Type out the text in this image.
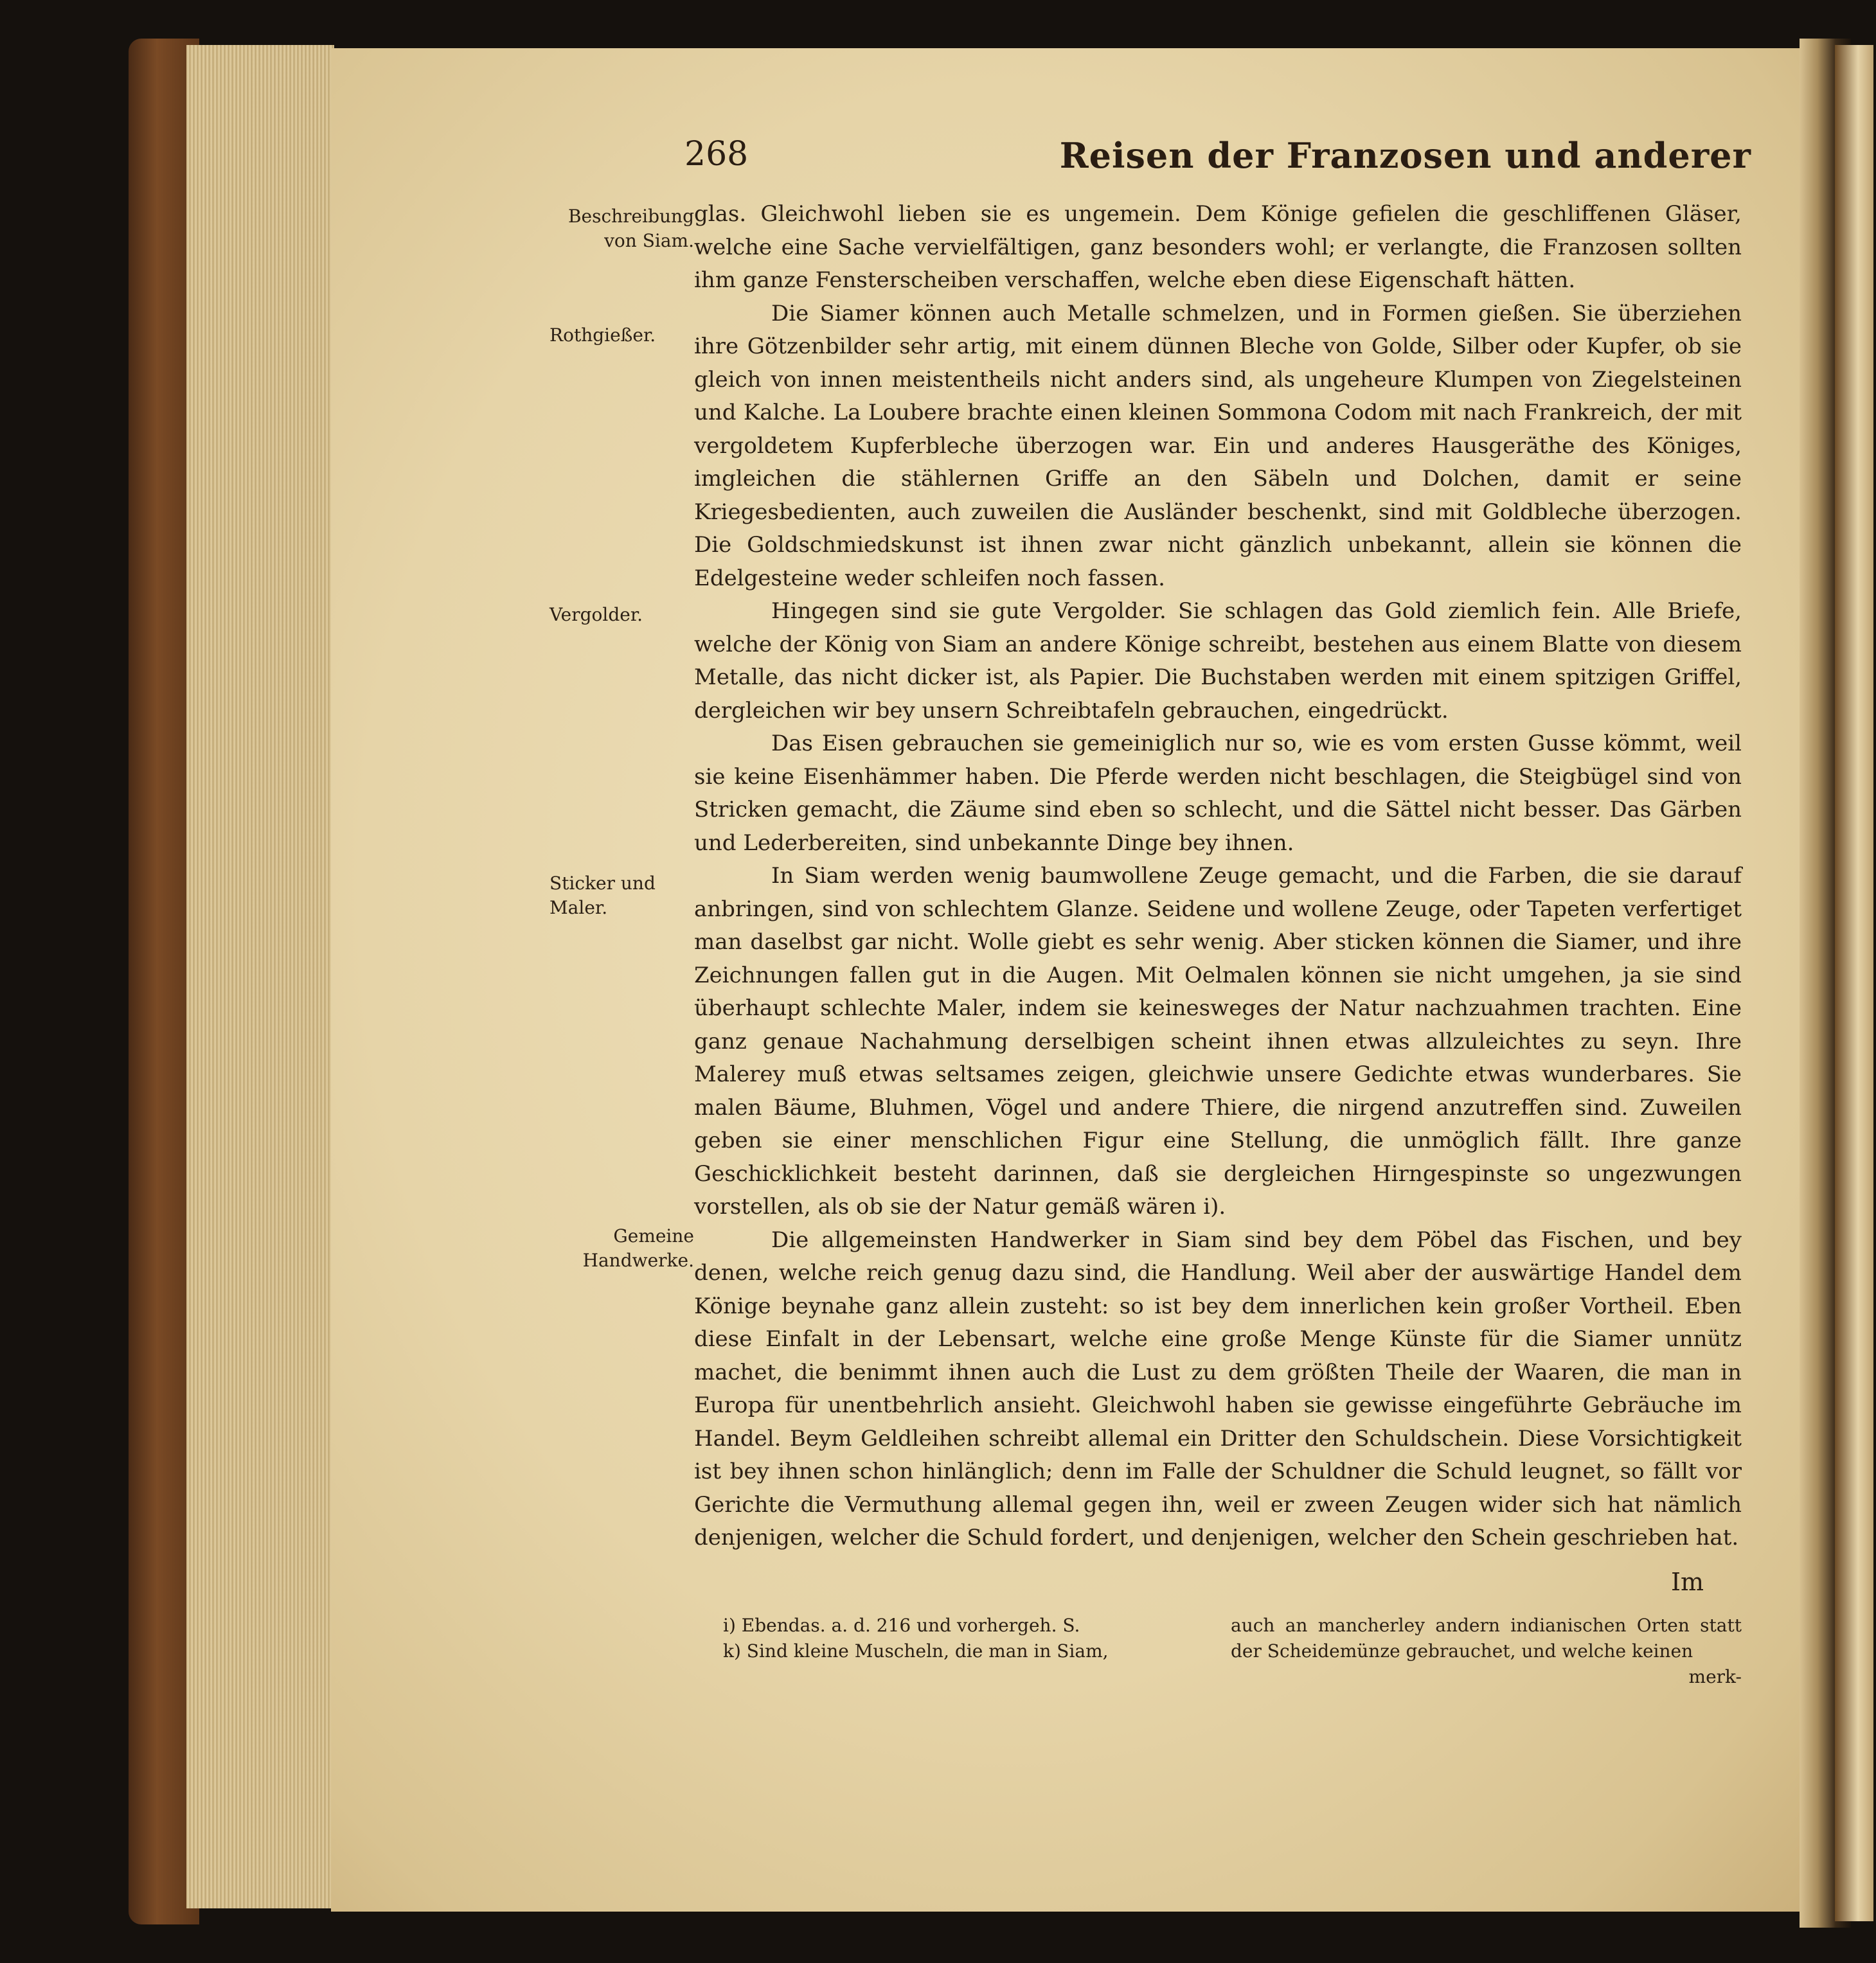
268	Reisen der Franzosen und anderer
Beschreibung von Siam.
Rothgießer.
Vergolder.
Sticker und Maler.
Gemeine Handwerke.

glas. Gleichwohl lieben sie es ungemein. Dem Könige gefielen die geschliffenen Gläser, welche eine Sache vervielfältigen, ganz besonders wohl; er verlangte, die Franzosen sollten ihm ganze Fensterscheiben verschaffen, welche eben diese Eigenschaft hätten.

Die Siamer können auch Metalle schmelzen, und in Formen gießen. Sie überziehen ihre Götzenbilder sehr artig, mit einem dünnen Bleche von Golde, Silber oder Kupfer, ob sie gleich von innen meistentheils nicht anders sind, als ungeheure Klumpen von Ziegelsteinen und Kalche. La Loubere brachte einen kleinen Sommona Codom mit nach Frankreich, der mit vergoldetem Kupferbleche überzogen war. Ein und anderes Hausgeräthe des Königes, imgleichen die stählernen Griffe an den Säbeln und Dolchen, damit er seine Kriegesbedienten, auch zuweilen die Ausländer beschenkt, sind mit Goldbleche überzogen. Die Goldschmiedskunst ist ihnen zwar nicht gänzlich unbekannt, allein sie können die Edelgesteine weder schleifen noch fassen.

Hingegen sind sie gute Vergolder. Sie schlagen das Gold ziemlich fein. Alle Briefe, welche der König von Siam an andere Könige schreibt, bestehen aus einem Blatte von diesem Metalle, das nicht dicker ist, als Papier. Die Buchstaben werden mit einem spitzigen Griffel, dergleichen wir bey unsern Schreibtafeln gebrauchen, eingedrückt.

Das Eisen gebrauchen sie gemeiniglich nur so, wie es vom ersten Gusse kömmt, weil sie keine Eisenhämmer haben. Die Pferde werden nicht beschlagen, die Steigbügel sind von Stricken gemacht, die Zäume sind eben so schlecht, und die Sättel nicht besser. Das Gärben und Lederbereiten, sind unbekannte Dinge bey ihnen.

In Siam werden wenig baumwollene Zeuge gemacht, und die Farben, die sie darauf anbringen, sind von schlechtem Glanze. Seidene und wollene Zeuge, oder Tapeten verfertiget man daselbst gar nicht. Wolle giebt es sehr wenig. Aber sticken können die Siamer, und ihre Zeichnungen fallen gut in die Augen. Mit Oelmalen können sie nicht umgehen, ja sie sind überhaupt schlechte Maler, indem sie keinesweges der Natur nachzuahmen trachten. Eine ganz genaue Nachahmung derselbigen scheint ihnen etwas allzuleichtes zu seyn. Ihre Malerey muß etwas seltsames zeigen, gleichwie unsere Gedichte etwas wunderbares. Sie malen Bäume, Bluhmen, Vögel und andere Thiere, die nirgend anzutreffen sind. Zuweilen geben sie einer menschlichen Figur eine Stellung, die unmöglich fällt. Ihre ganze Geschicklichkeit besteht darinnen, daß sie dergleichen Hirngespinste so ungezwungen vorstellen, als ob sie der Natur gemäß wären i).

Die allgemeinsten Handwerker in Siam sind bey dem Pöbel das Fischen, und bey denen, welche reich genug dazu sind, die Handlung. Weil aber der auswärtige Handel dem Könige beynahe ganz allein zusteht: so ist bey dem innerlichen kein großer Vortheil. Eben diese Einfalt in der Lebensart, welche eine große Menge Künste für die Siamer unnütz machet, die benimmt ihnen auch die Lust zu dem größten Theile der Waaren, die man in Europa für unentbehrlich ansieht. Gleichwohl haben sie gewisse eingeführte Gebräuche im Handel. Beym Geldleihen schreibt allemal ein Dritter den Schuldschein. Diese Vorsichtigkeit ist bey ihnen schon hinlänglich; denn im Falle der Schuldner die Schuld leugnet, so fällt vor Gerichte die Vermuthung allemal gegen ihn, weil er zween Zeugen wider sich hat nämlich denjenigen, welcher die Schuld fordert, und denjenigen, welcher den Schein geschrieben hat.

Im
i) Ebendas. a. d. 216 und vorhergeh. S.
k) Sind kleine Muscheln, die man in Siam,
auch an mancherley andern indianischen Orten statt der Scheidemünze gebrauchet, und welche keinen
merk-
